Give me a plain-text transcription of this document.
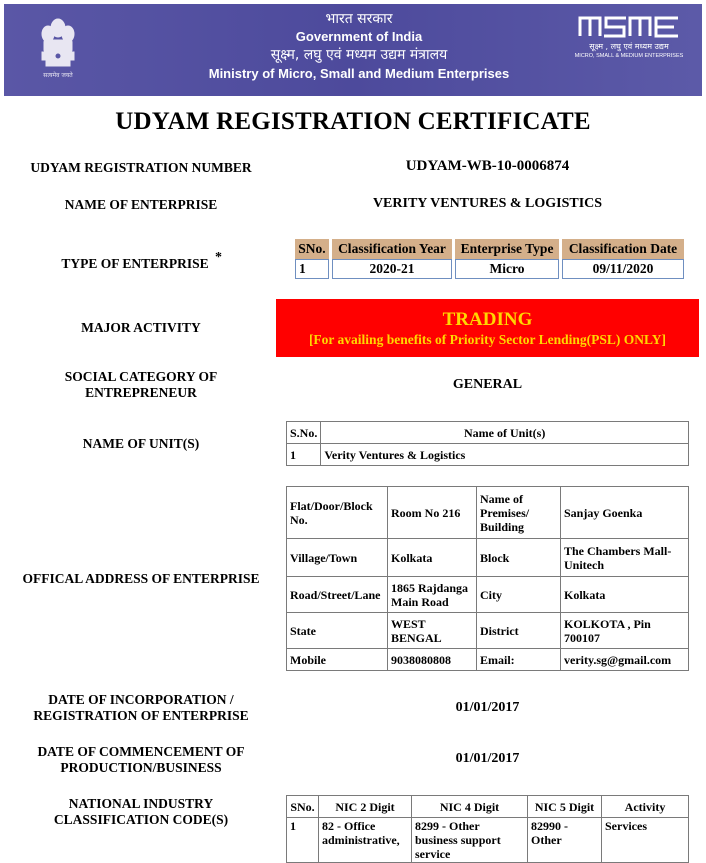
सत्यमेव जयते
भारत सरकार
Government of India
सूक्ष्म, लघु एवं मध्यम उद्यम मंत्रालय
Ministry of Micro, Small and Medium Enterprises
MSME
सूक्ष्म , लघु एवं मध्यम उद्यम
MICRO, SMALL & MEDIUM ENTERPRISES
UDYAM REGISTRATION CERTIFICATE
UDYAM REGISTRATION NUMBER	UDYAM-WB-10-0006874
NAME OF ENTERPRISE	VERITY VENTURES & LOGISTICS
TYPE OF ENTERPRISE *
SNo.	Classification Year	Enterprise Type	Classification Date
1	2020-21	Micro	09/11/2020
MAJOR ACTIVITY	TRADING
[For availing benefits of Priority Sector Lending(PSL) ONLY]
SOCIAL CATEGORY OF ENTREPRENEUR
GENERAL
NAME OF UNIT(S)
S.No.	Name of Unit(s)
1	Verity Ventures & Logistics
OFFICAL ADDRESS OF ENTERPRISE
Flat/Door/Block No.	Room No 216	Name of Premises/ Building	Sanjay Goenka
Village/Town	Kolkata	Block	The Chambers Mall-Unitech
Road/Street/Lane	1865 Rajdanga Main Road	City	Kolkata
State	WEST BENGAL	District	KOLKOTA , Pin 700107
Mobile	9038080808	Email:	verity.sg@gmail.com
DATE OF INCORPORATION / REGISTRATION OF ENTERPRISE
01/01/2017
DATE OF COMMENCEMENT OF PRODUCTION/BUSINESS
01/01/2017
NATIONAL INDUSTRY CLASSIFICATION CODE(S)
SNo.	NIC 2 Digit	NIC 4 Digit	NIC 5 Digit	Activity
1	82 - Office administrative,	8299 - Other business support service	82990 - Other	Services
